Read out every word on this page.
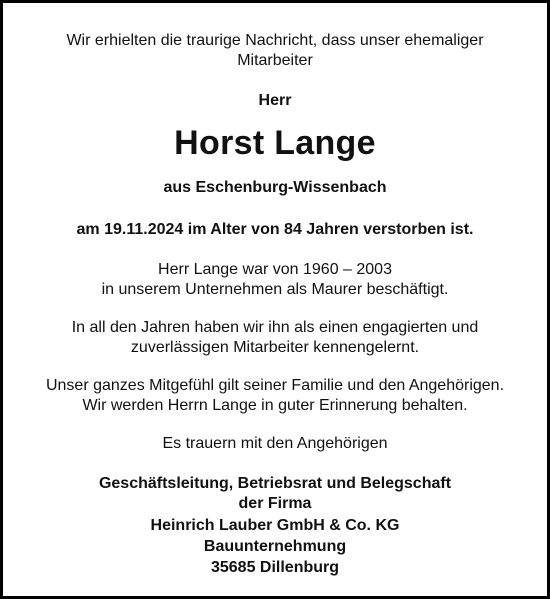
Wir erhielten die traurige Nachricht, dass unser ehemaliger

Mitarbeiter

Herr

Horst Lange

aus Eschenburg-Wissenbach

am 19.11.2024 im Alter von 84 Jahren verstorben ist.

Herr Lange war von 1960 – 2003

in unserem Unternehmen als Maurer beschäftigt.

In all den Jahren haben wir ihn als einen engagierten und

zuverlässigen Mitarbeiter kennengelernt.

Unser ganzes Mitgefühl gilt seiner Familie und den Angehörigen.

Wir werden Herrn Lange in guter Erinnerung behalten.

Es trauern mit den Angehörigen

Geschäftsleitung, Betriebsrat und Belegschaft

der Firma

Heinrich Lauber GmbH & Co. KG

Bauunternehmung

35685 Dillenburg
